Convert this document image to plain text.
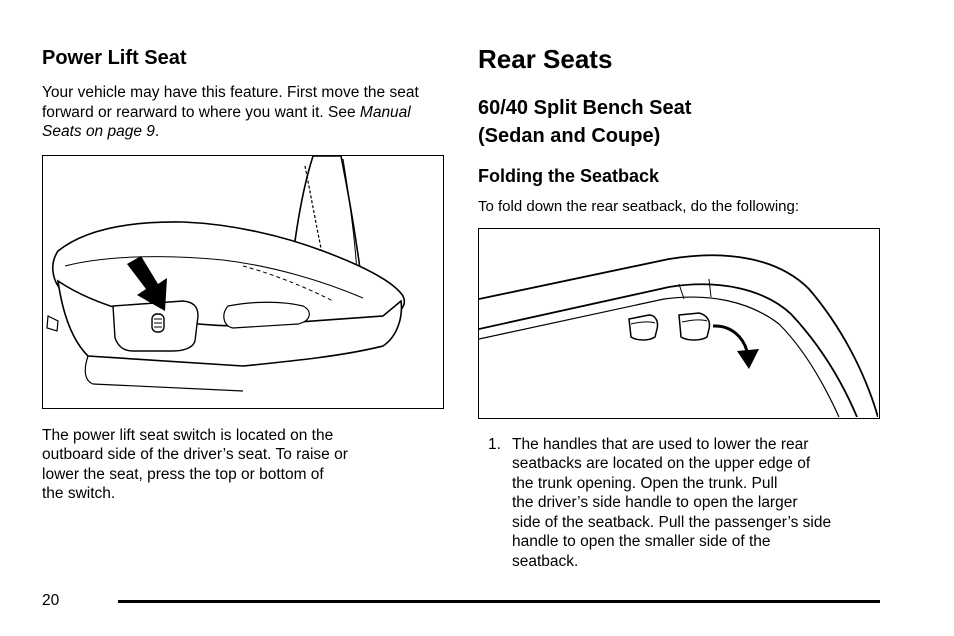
Power Lift Seat

Your vehicle may have this feature. First move the seat forward or rearward to where you want it. See Manual Seats on page 9.

The power lift seat switch is located on the
outboard side of the driver’s seat. To raise or
lower the seat, press the top or bottom of
the switch.
Rear Seats
60/40 Split Bench Seat
(Sedan and Coupe)
Folding the Seatback

To fold down the rear seatback, do the following:

1. The handles that are used to lower the rear
seatbacks are located on the upper edge of
the trunk opening. Open the trunk. Pull
the driver’s side handle to open the larger
side of the seatback. Pull the passenger’s side
handle to open the smaller side of the
seatback.
20
